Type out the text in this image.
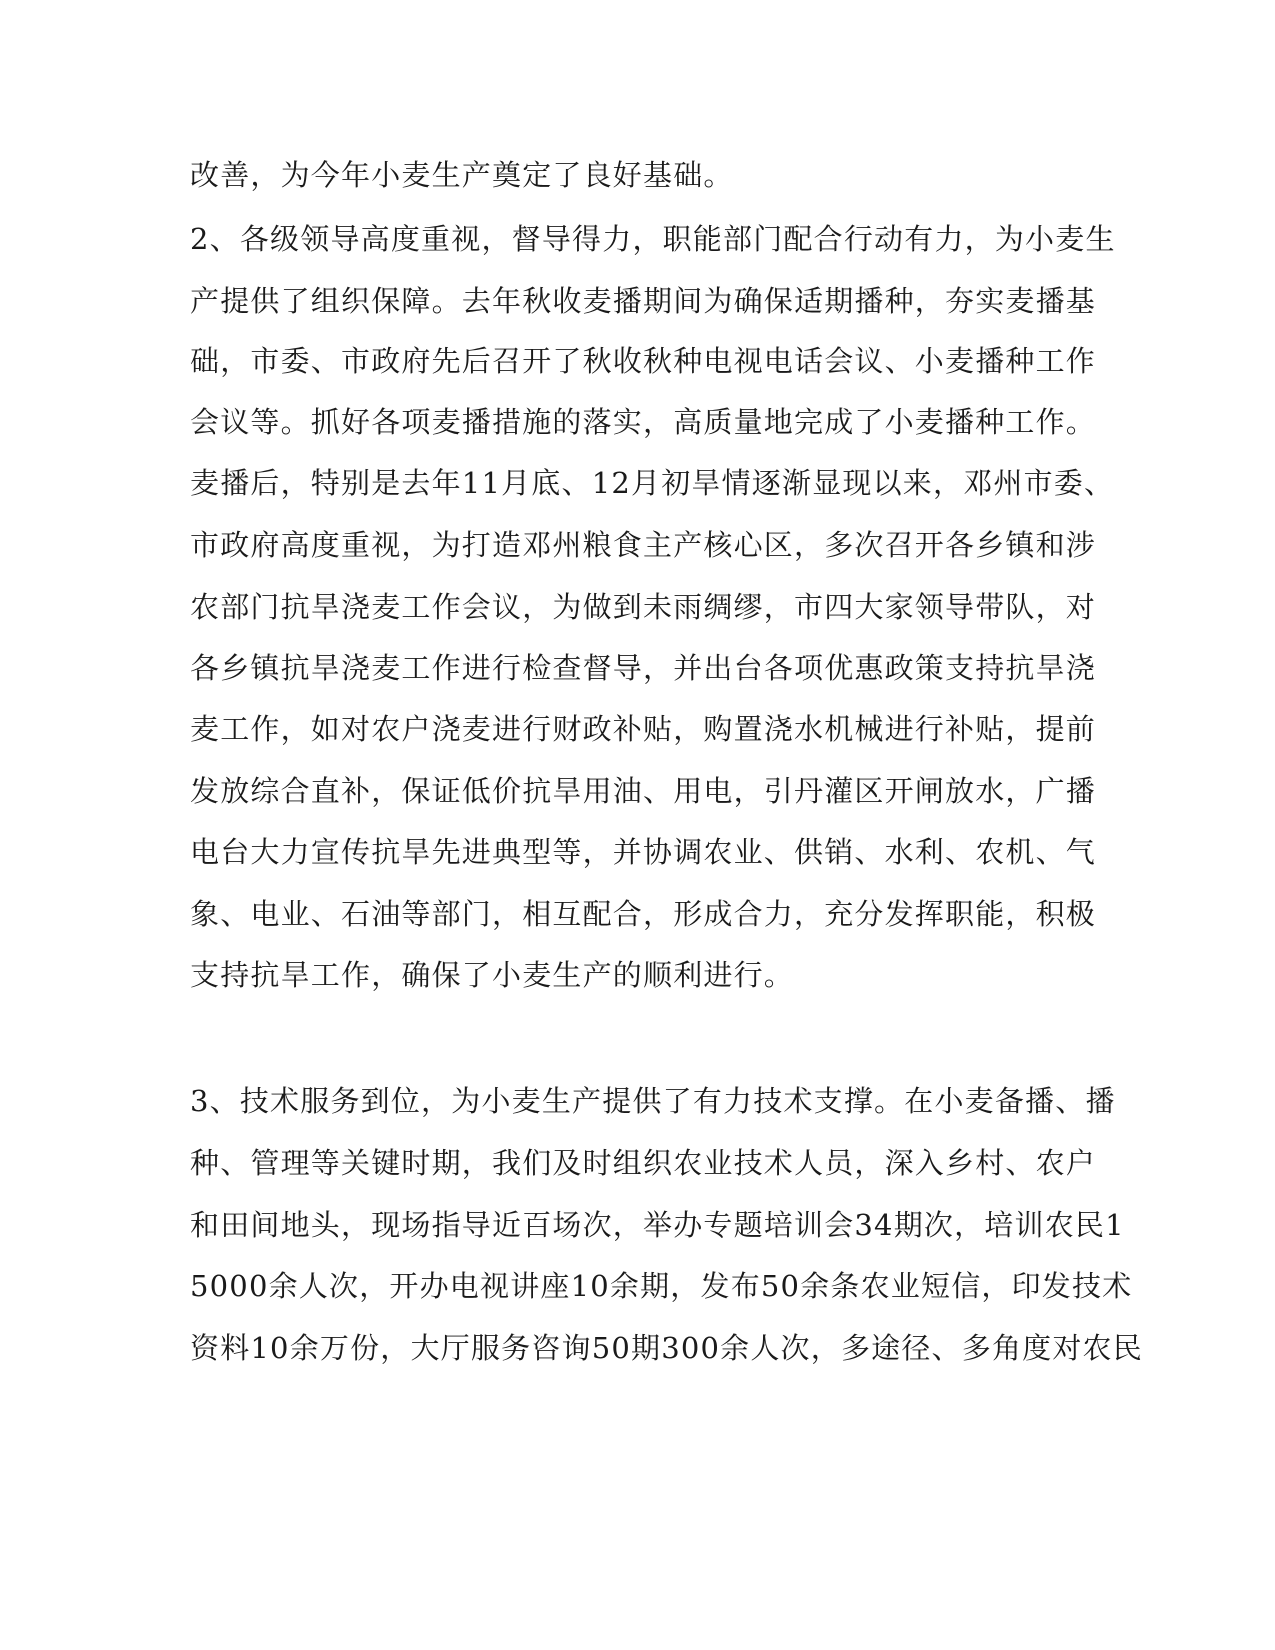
改善，为今年小麦生产奠定了良好基础。
2、各级领导高度重视，督导得力，职能部门配合行动有力，为小麦生
产提供了组织保障。去年秋收麦播期间为确保适期播种，夯实麦播基
础，市委、市政府先后召开了秋收秋种电视电话会议、小麦播种工作
会议等。抓好各项麦播措施的落实，高质量地完成了小麦播种工作。
麦播后，特别是去年11月底、12月初旱情逐渐显现以来，邓州市委、
市政府高度重视，为打造邓州粮食主产核心区，多次召开各乡镇和涉
农部门抗旱浇麦工作会议，为做到未雨绸缪，市四大家领导带队，对
各乡镇抗旱浇麦工作进行检查督导，并出台各项优惠政策支持抗旱浇
麦工作，如对农户浇麦进行财政补贴，购置浇水机械进行补贴，提前
发放综合直补，保证低价抗旱用油、用电，引丹灌区开闸放水，广播
电台大力宣传抗旱先进典型等，并协调农业、供销、水利、农机、气
象、电业、石油等部门，相互配合，形成合力，充分发挥职能，积极
支持抗旱工作，确保了小麦生产的顺利进行。
3、技术服务到位，为小麦生产提供了有力技术支撑。在小麦备播、播
种、管理等关键时期，我们及时组织农业技术人员，深入乡村、农户
和田间地头，现场指导近百场次，举办专题培训会34期次，培训农民1
5000余人次，开办电视讲座10余期，发布50余条农业短信，印发技术
资料10余万份，大厅服务咨询50期300余人次，多途径、多角度对农民
